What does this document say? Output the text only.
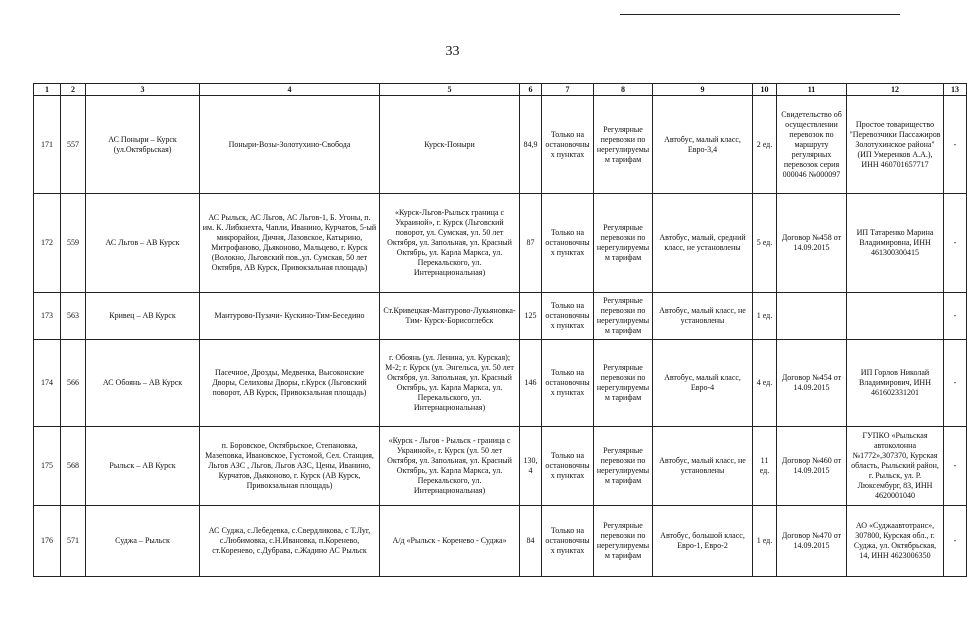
33
1	2	3	4	5	6	7	8	9	10	11	12	13
171	557	АС Поныри – Курск (ул.Октябрьская)	Поныри-Возы-Золотухино-Свобода	Курск-Поныри	84,9	Только на остановочных пунктах	Регулярные перевозки по нерегулируемым тарифам	Автобус, малый класс, Евро-3,4	2 ед.	Свидетельство об осуществлении перевозок по маршруту регулярных перевозок серия 000046 №000097	Простое товарищество "Перевозчики Пассажиров Золотухинское района" (ИП Умеренков А.А.), ИНН 460701657717	-
172	559	АС Льгов – АВ Курск	АС Рыльск, АС Льгов, АС Льгов-1, Б. Угоны, п. им. К. Либкнехта, Чапли, Иванино, Курчатов, 5-ый микрорайон, Дичня, Лазовское, Катырино, Митрофаново, Дьяконово, Мальцево, г. Курск (Волокно, Льговский пов.,ул. Сумская, 50 лет Октября, АВ Курск, Привокзальная площадь)	«Курск-Льгов-Рыльск граница с Украиной», г. Курск (Льговский поворот, ул. Сумская, ул. 50 лет Октября, ул. Запольная, ул. Красный Октябрь, ул. Карла Маркса, ул. Перекальского, ул. Интернациональная)	87	Только на остановочных пунктах	Регулярные перевозки по нерегулируемым тарифам	Автобус, малый, средний класс, не установлены	5 ед.	Договор №458 от 14.09.2015	ИП Татаренко Марина Владимировна, ИНН 461300300415	-
173	563	Кривец – АВ Курск	Мантурово-Пузачи- Кускино-Тим-Беседино	Ст.Кривецкая-Мантурово-Лукьяновка-Тим- Курск-Борисоглебск	125	Только на остановочных пунктах	Регулярные перевозки по нерегулируемым тарифам	Автобус, малый класс, не установлены	1 ед.			-
174	566	АС Обоянь – АВ Курск	Пасечное, Дрозды, Медвенка, Высоконские Дворы, Селиховы Дворы, г.Курск (Льговский поворот, АВ Курск, Привокзальная площадь)	г. Обоянь (ул. Ленина, ул. Курская); М-2; г. Курск (ул. Энгельса, ул. 50 лет Октября, ул. Запольная, ул. Красный Октябрь, ул. Карла Маркса, ул. Перекальского, ул. Интернациональная)	146	Только на остановочных пунктах	Регулярные перевозки по нерегулируемым тарифам	Автобус, малый класс, Евро-4	4 ед.	Договор №454 от 14.09.2015	ИП Горлов Николай Владимирович, ИНН 461602331201	-
175	568	Рыльск – АВ Курск	п. Боровское, Октябрьское, Степановка, Мазеповка, Ивановское, Густомой, Сел. Станция, Льгов АЗС , Льгов, Льгов АЗС, Цены, Иванино, Курчатов, Дьяконово, г. Курск (АВ Курск, Привокзальная площадь)	«Курск - Льгов - Рыльск - граница с Украиной», г. Курск (ул. 50 лет Октября, ул. Запольная, ул. Красный Октябрь, ул. Карла Маркса, ул. Перекальского, ул. Интернациональная)	130,4	Только на остановочных пунктах	Регулярные перевозки по нерегулируемым тарифам	Автобус, малый класс, не установлены	11 ед.	Договор №460 от 14.09.2015	ГУПКО «Рыльская автоколонна №1772»,307370, Курская область, Рыльский район, г. Рыльск, ул. Р. Люксембург, 83, ИНН 4620001040	-
176	571	Суджа – Рыльск	АС Суджа, с.Лебедевка, с.Свердликова, с Т.Луг, с.Любимовка, с.Н.Ивановка, п.Коренево, ст.Коренево, с.Дубрава, с.Жадино АС Рыльск	А/д «Рыльск - Коренево - Суджа»	84	Только на остановочных пунктах	Регулярные перевозки по нерегулируемым тарифам	Автобус, большой класс, Евро-1, Евро-2	1 ед.	Договор №470 от 14.09.2015	АО «Суджаавтотранс», 307800, Курская обл., г. Суджа, ул. Октябрьская, 14, ИНН 4623006350	-
